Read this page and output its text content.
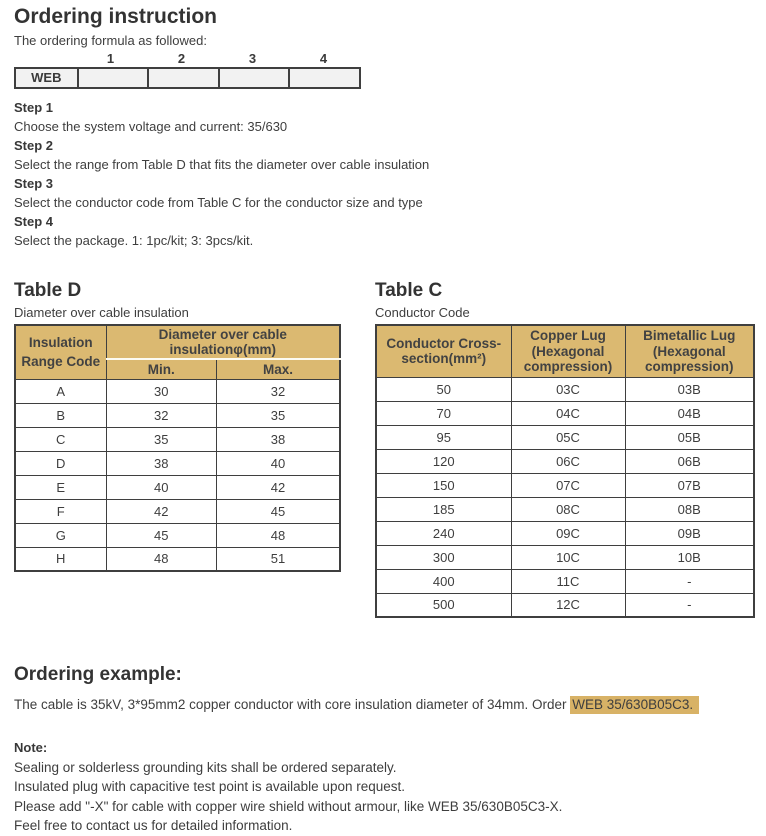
Ordering instruction

The ordering formula as followed:

1	2	3	4
WEB
Step 1
Choose the system voltage and current: 35/630
Step 2
Select the range from Table D that fits the diameter over cable insulation
Step 3
Select the conductor code from Table C for the conductor size and type
Step 4
Select the package. 1: 1pc/kit; 3: 3pcs/kit.
Table D

Diameter over cable insulation

Insulation Range Code	Diameter over cable insulationφ(mm)	
	Min.	Max.
A	30	32
B	32	35
C	35	38
D	38	40
E	40	42
F	42	45
G	45	48
H	48	51
Table C

Conductor Code

Conductor Cross-section(mm²)	Copper Lug (Hexagonal compression)	Bimetallic Lug (Hexagonal compression)
50	03C	03B
70	04C	04B
95	05C	05B
120	06C	06B
150	07C	07B
185	08C	08B
240	09C	09B
300	10C	10B
400	11C	-
500	12C	-
Ordering example:

The cable is 35kV, 3*95mm2 copper conductor with core insulation diameter of 34mm. Order WEB 35/630B05C3.

Note:
Sealing or solderless grounding kits shall be ordered separately.
Insulated plug with capacitive test point is available upon request.
Please add "-X" for cable with copper wire shield without armour, like WEB 35/630B05C3-X.
Feel free to contact us for detailed information.
